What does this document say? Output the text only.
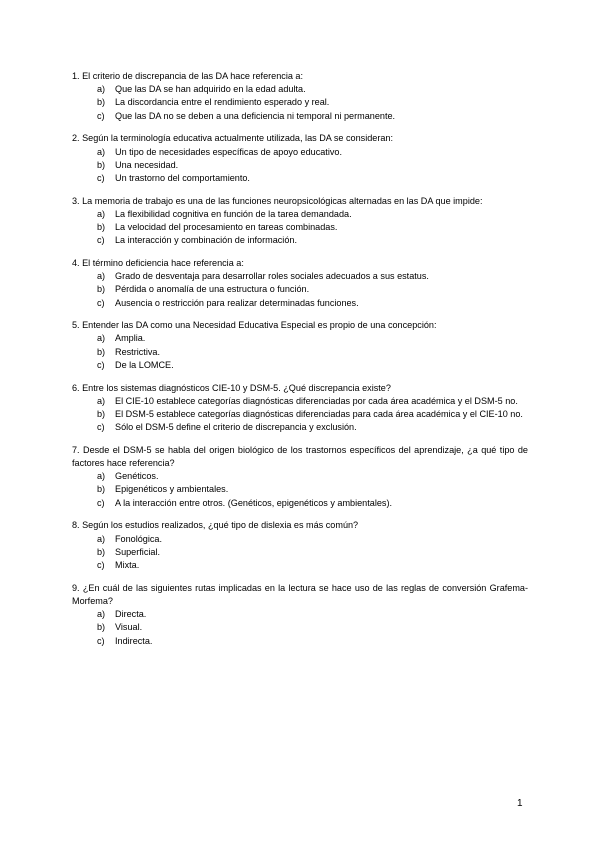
1. El criterio de discrepancia de las DA hace referencia a:
a)	Que las DA se han adquirido en la edad adulta.
b)	La discordancia entre el rendimiento esperado y real.
c)	Que las DA no se deben a una deficiencia ni temporal ni permanente.
2. Según la terminología educativa actualmente utilizada, las DA se consideran:
a)	Un tipo de necesidades específicas de apoyo educativo.
b)	Una necesidad.
c)	Un trastorno del comportamiento.
3. La memoria de trabajo es una de las funciones neuropsicológicas alternadas en las DA que impide:
a)	La flexibilidad cognitiva en función de la tarea demandada.
b)	La velocidad del procesamiento en tareas combinadas.
c)	La interacción y combinación de información.
4. El término deficiencia hace referencia a:
a)	Grado de desventaja para desarrollar roles sociales adecuados a sus estatus.
b)	Pérdida o anomalía de una estructura o función.
c)	Ausencia o restricción para realizar determinadas funciones.
5. Entender las DA como una Necesidad Educativa Especial es propio de una concepción:
a)	Amplia.
b)	Restrictiva.
c)	De la LOMCE.
6. Entre los sistemas diagnósticos CIE-10 y DSM-5. ¿Qué discrepancia existe?
a)	El CIE-10 establece categorías diagnósticas diferenciadas por cada área académica y el DSM-5 no.
b)	El DSM-5 establece categorías diagnósticas diferenciadas para cada área académica y el CIE-10 no.
c)	Sólo el DSM-5 define el criterio de discrepancia y exclusión.
7. Desde el DSM-5 se habla del origen biológico de los trastornos específicos del aprendizaje, ¿a qué tipo de factores hace referencia?
a)	Genéticos.
b)	Epigenéticos y ambientales.
c)	A la interacción entre otros. (Genéticos, epigenéticos y ambientales).
8. Según los estudios realizados, ¿qué tipo de dislexia es más común?
a)	Fonológica.
b)	Superficial.
c)	Mixta.
9. ¿En cuál de las siguientes rutas implicadas en la lectura se hace uso de las reglas de conversión Grafema-Morfema?
a)	Directa.
b)	Visual.
c)	Indirecta.
1
